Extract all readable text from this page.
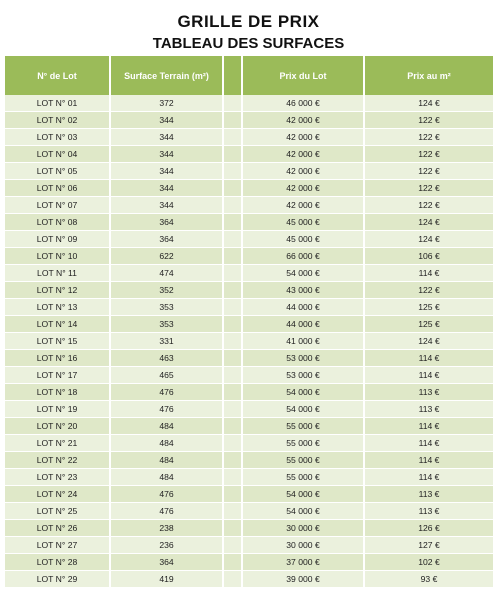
GRILLE DE PRIX
TABLEAU DES SURFACES
N° de Lot	Surface Terrain (m²)		Prix du Lot	Prix au m²
LOT N° 01	372		46 000 €	124 €
LOT N° 02	344		42 000 €	122 €
LOT N° 03	344		42 000 €	122 €
LOT N° 04	344		42 000 €	122 €
LOT N° 05	344		42 000 €	122 €
LOT N° 06	344		42 000 €	122 €
LOT N° 07	344		42 000 €	122 €
LOT N° 08	364		45 000 €	124 €
LOT N° 09	364		45 000 €	124 €
LOT N° 10	622		66 000 €	106 €
LOT N° 11	474		54 000 €	114 €
LOT N° 12	352		43 000 €	122 €
LOT N° 13	353		44 000 €	125 €
LOT N° 14	353		44 000 €	125 €
LOT N° 15	331		41 000 €	124 €
LOT N° 16	463		53 000 €	114 €
LOT N° 17	465		53 000 €	114 €
LOT N° 18	476		54 000 €	113 €
LOT N° 19	476		54 000 €	113 €
LOT N° 20	484		55 000 €	114 €
LOT N° 21	484		55 000 €	114 €
LOT N° 22	484		55 000 €	114 €
LOT N° 23	484		55 000 €	114 €
LOT N° 24	476		54 000 €	113 €
LOT N° 25	476		54 000 €	113 €
LOT N° 26	238		30 000 €	126 €
LOT N° 27	236		30 000 €	127 €
LOT N° 28	364		37 000 €	102 €
LOT N° 29	419		39 000 €	93 €
